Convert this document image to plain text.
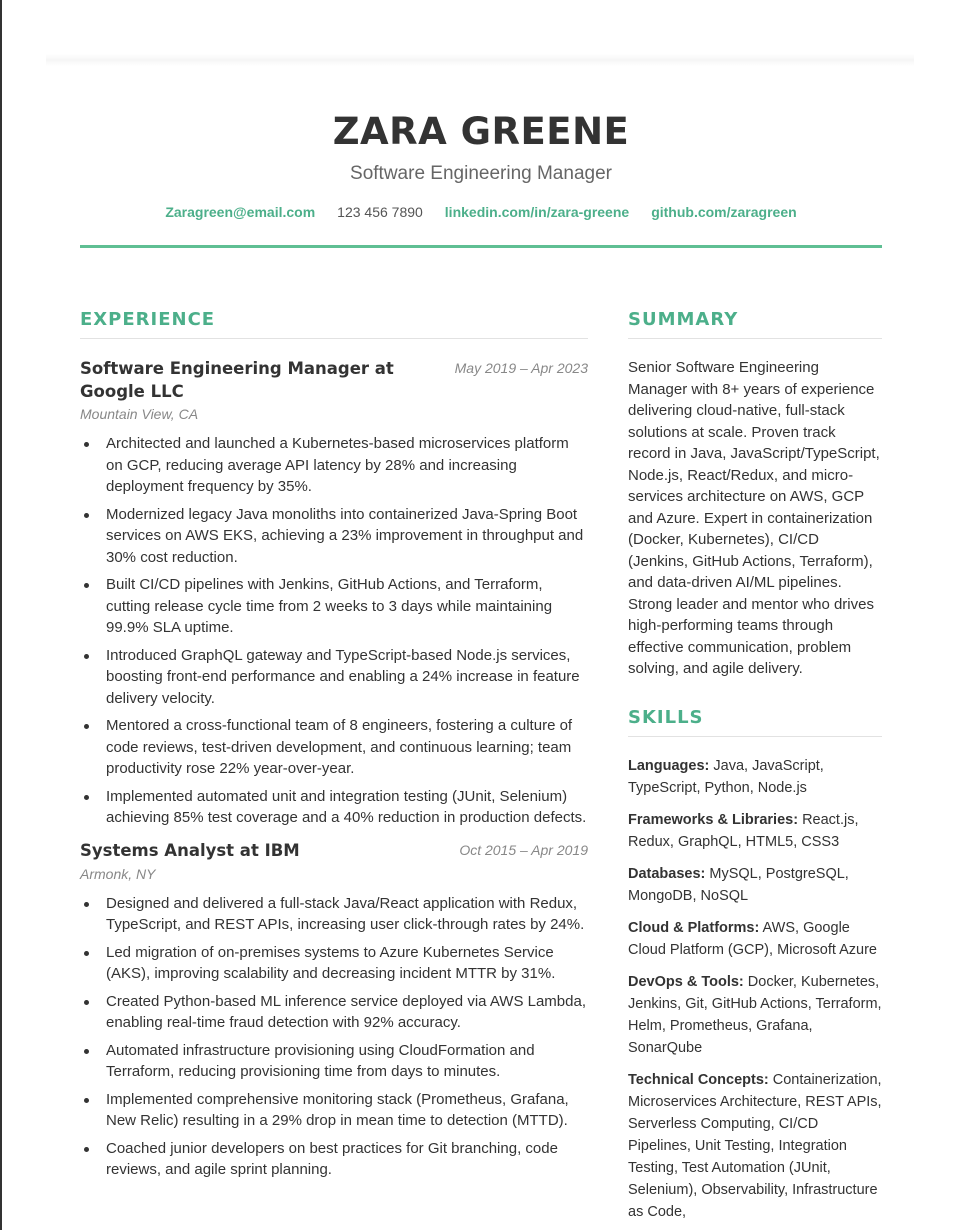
ZARA GREENE
Software Engineering Manager
Zaragreen@email.com 123 456 7890 linkedin.com/in/zara-greene github.com/zaragreen
EXPERIENCE
Software Engineering Manager at Google LLC
May 2019 – Apr 2023
Mountain View, CA
Architected and launched a Kubernetes-based microservices platform on GCP, reducing average API latency by 28% and increasing deployment frequency by 35%.
Modernized legacy Java monoliths into containerized Java-Spring Boot services on AWS EKS, achieving a 23% improvement in throughput and 30% cost reduction.
Built CI/CD pipelines with Jenkins, GitHub Actions, and Terraform, cutting release cycle time from 2 weeks to 3 days while maintaining 99.9% SLA uptime.
Introduced GraphQL gateway and TypeScript-based Node.js services, boosting front-end performance and enabling a 24% increase in feature delivery velocity.
Mentored a cross-functional team of 8 engineers, fostering a culture of code reviews, test-driven development, and continuous learning; team productivity rose 22% year-over-year.
Implemented automated unit and integration testing (JUnit, Selenium) achieving 85% test coverage and a 40% reduction in production defects.
Systems Analyst at IBM	Oct 2015 – Apr 2019
Armonk, NY
Designed and delivered a full-stack Java/React application with Redux, TypeScript, and REST APIs, increasing user click-through rates by 24%.
Led migration of on-premises systems to Azure Kubernetes Service (AKS), improving scalability and decreasing incident MTTR by 31%.
Created Python-based ML inference service deployed via AWS Lambda, enabling real-time fraud detection with 92% accuracy.
Automated infrastructure provisioning using CloudFormation and Terraform, reducing provisioning time from days to minutes.
Implemented comprehensive monitoring stack (Prometheus, Grafana, New Relic) resulting in a 29% drop in mean time to detection (MTTD).
Coached junior developers on best practices for Git branching, code reviews, and agile sprint planning.
SUMMARY
Senior Software Engineering Manager with 8+ years of experience delivering cloud-native, full-stack solutions at scale. Proven track record in Java, JavaScript/TypeScript, Node.js, React/Redux, and micro-services architecture on AWS, GCP and Azure. Expert in containerization (Docker, Kubernetes), CI/CD (Jenkins, GitHub Actions, Terraform), and data-driven AI/ML pipelines. Strong leader and mentor who drives high-performing teams through effective communication, problem solving, and agile delivery.
SKILLS
Languages: Java, JavaScript, TypeScript, Python, Node.js
Frameworks & Libraries: React.js, Redux, GraphQL, HTML5, CSS3
Databases: MySQL, PostgreSQL, MongoDB, NoSQL
Cloud & Platforms: AWS, Google Cloud Platform (GCP), Microsoft Azure
DevOps & Tools: Docker, Kubernetes, Jenkins, Git, GitHub Actions, Terraform, Helm, Prometheus, Grafana, SonarQube
Technical Concepts: Containerization, Microservices Architecture, REST APIs, Serverless Computing, CI/CD Pipelines, Unit Testing, Integration Testing, Test Automation (JUnit, Selenium), Observability, Infrastructure as Code,
